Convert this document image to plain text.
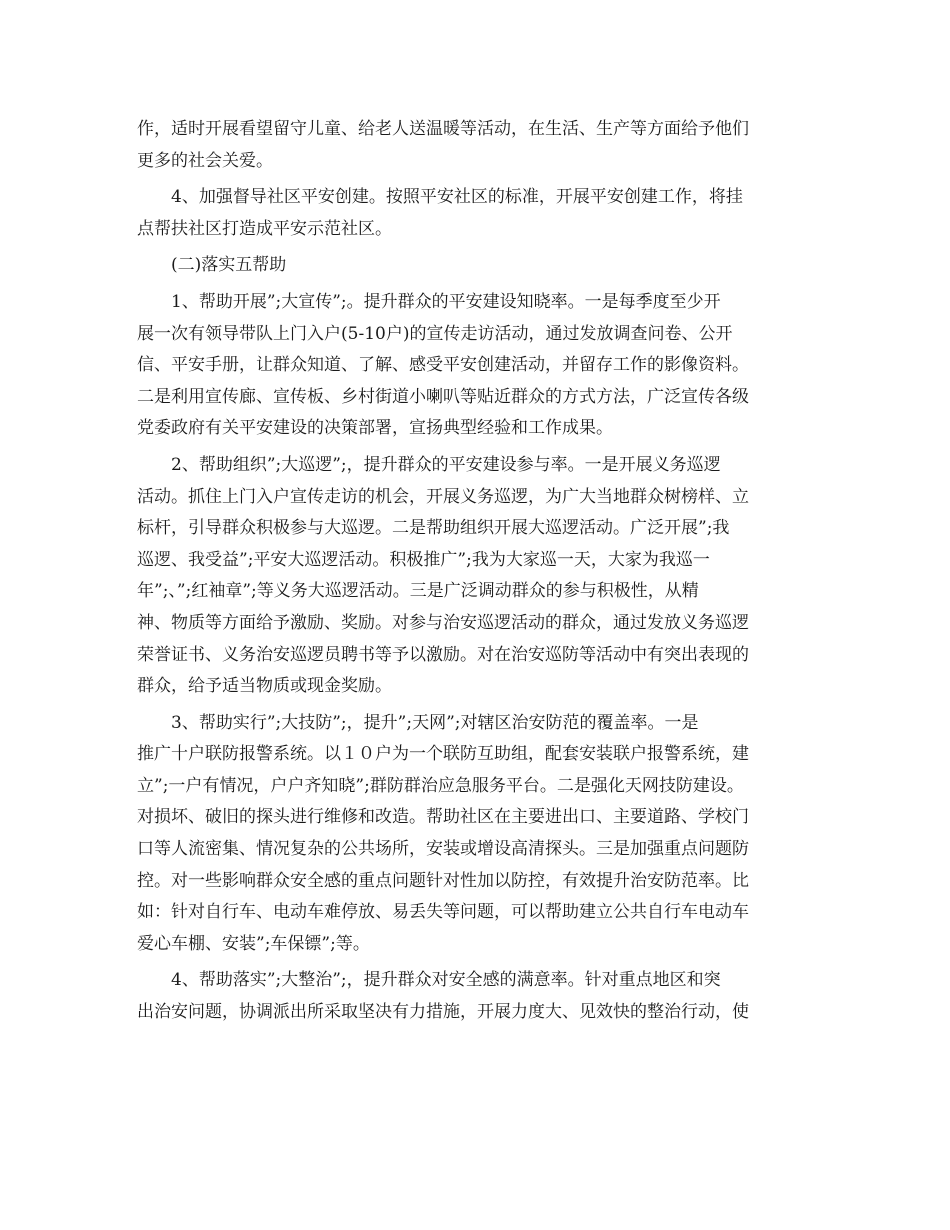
作，适时开展看望留守儿童、给老人送温暖等活动，在生活、生产等方面给予他们
更多的社会关爱。
4、加强督导社区平安创建。按照平安社区的标准，开展平安创建工作，将挂
点帮扶社区打造成平安示范社区。
(二)落实五帮助
1、帮助开展”;大宣传”;。提升群众的平安建设知晓率。一是每季度至少开
展一次有领导带队上门入户(5-10户)的宣传走访活动，通过发放调查问卷、公开
信、平安手册，让群众知道、了解、感受平安创建活动，并留存工作的影像资料。
二是利用宣传廊、宣传板、乡村街道小喇叭等贴近群众的方式方法，广泛宣传各级
党委政府有关平安建设的决策部署，宣扬典型经验和工作成果。
2、帮助组织”;大巡逻”;，提升群众的平安建设参与率。一是开展义务巡逻
活动。抓住上门入户宣传走访的机会，开展义务巡逻，为广大当地群众树榜样、立
标杆，引导群众积极参与大巡逻。二是帮助组织开展大巡逻活动。广泛开展”;我
巡逻、我受益”;平安大巡逻活动。积极推广”;我为大家巡一天，大家为我巡一
年”;、”;红袖章”;等义务大巡逻活动。三是广泛调动群众的参与积极性，从精
神、物质等方面给予激励、奖励。对参与治安巡逻活动的群众，通过发放义务巡逻
荣誉证书、义务治安巡逻员聘书等予以激励。对在治安巡防等活动中有突出表现的
群众，给予适当物质或现金奖励。
3、帮助实行”;大技防”;，提升”;天网”;对辖区治安防范的覆盖率。一是
推广十户联防报警系统。以１０户为一个联防互助组，配套安装联户报警系统，建
立”;一户有情况，户户齐知晓”;群防群治应急服务平台。二是强化天网技防建设。
对损坏、破旧的探头进行维修和改造。帮助社区在主要进出口、主要道路、学校门
口等人流密集、情况复杂的公共场所，安装或增设高清探头。三是加强重点问题防
控。对一些影响群众安全感的重点问题针对性加以防控，有效提升治安防范率。比
如：针对自行车、电动车难停放、易丢失等问题，可以帮助建立公共自行车电动车
爱心车棚、安装”;车保镖”;等。
4、帮助落实”;大整治”;，提升群众对安全感的满意率。针对重点地区和突
出治安问题，协调派出所采取坚决有力措施，开展力度大、见效快的整治行动，使
